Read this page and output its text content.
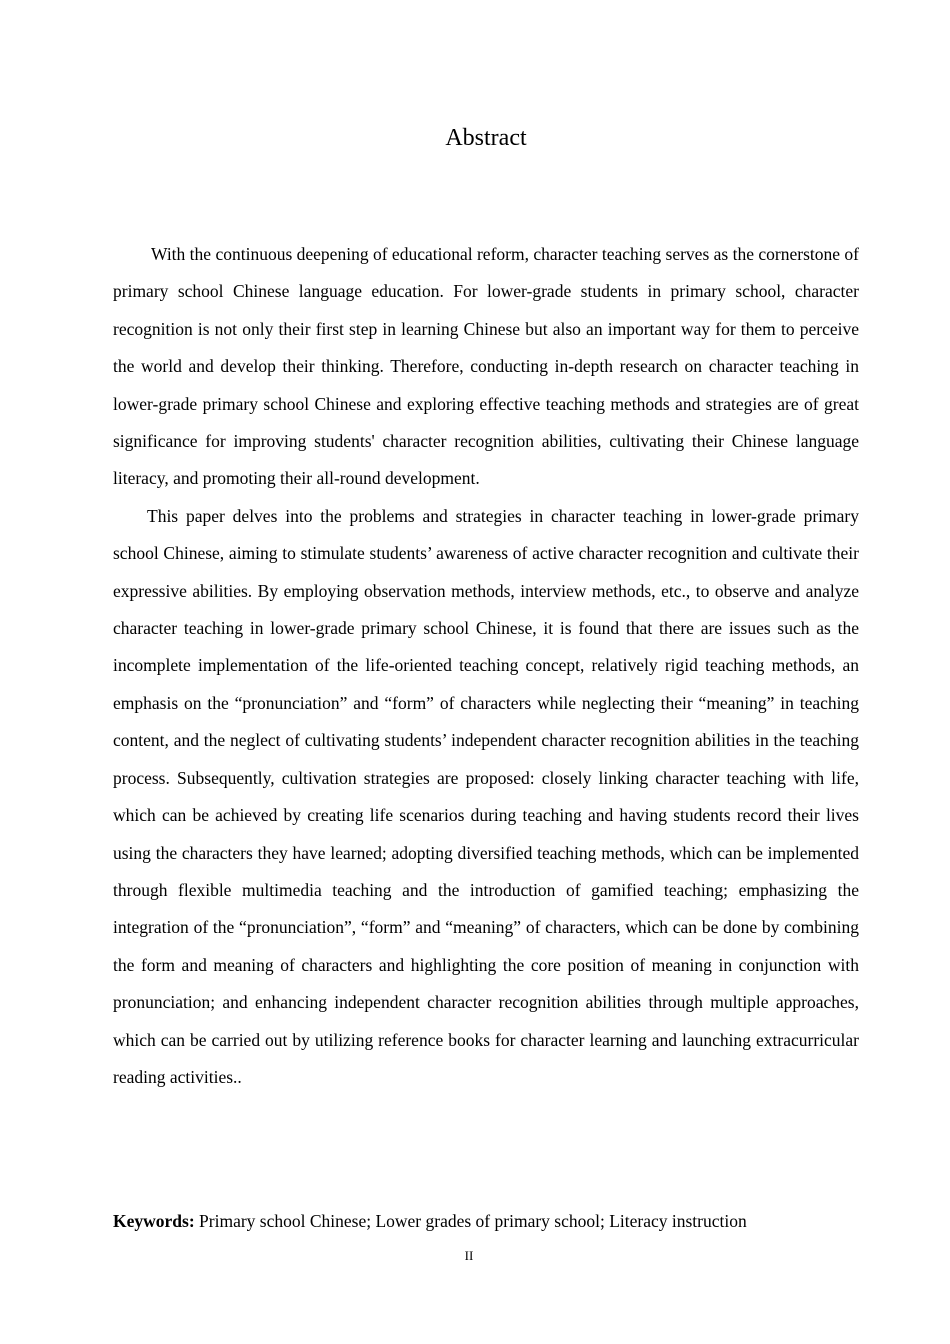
Abstract

With the continuous deepening of educational reform, character teaching serves as the cornerstone of primary school Chinese language education. For lower-grade students in primary school, character recognition is not only their first step in learning Chinese but also an important way for them to perceive the world and develop their thinking. Therefore, conducting in-depth research on character teaching in lower-grade primary school Chinese and exploring effective teaching methods and strategies are of great significance for improving students' character recognition abilities, cultivating their Chinese language literacy, and promoting their all-round development.

This paper delves into the problems and strategies in character teaching in lower-grade primary school Chinese, aiming to stimulate students’ awareness of active character recognition and cultivate their expressive abilities. By employing observation methods, interview methods, etc., to observe and analyze character teaching in lower-grade primary school Chinese, it is found that there are issues such as the incomplete implementation of the life-oriented teaching concept, relatively rigid teaching methods, an emphasis on the “pronunciation” and “form” of characters while neglecting their “meaning” in teaching content, and the neglect of cultivating students’ independent character recognition abilities in the teaching process. Subsequently, cultivation strategies are proposed: closely linking character teaching with life, which can be achieved by creating life scenarios during teaching and having students record their lives using the characters they have learned; adopting diversified teaching methods, which can be implemented through flexible multimedia teaching and the introduction of gamified teaching; emphasizing the integration of the “pronunciation”, “form” and “meaning” of characters, which can be done by combining the form and meaning of characters and highlighting the core position of meaning in conjunction with pronunciation; and enhancing independent character recognition abilities through multiple approaches, which can be carried out by utilizing reference books for character learning and launching extracurricular reading activities..

Keywords: Primary school Chinese; Lower grades of primary school; Literacy instruction

II
